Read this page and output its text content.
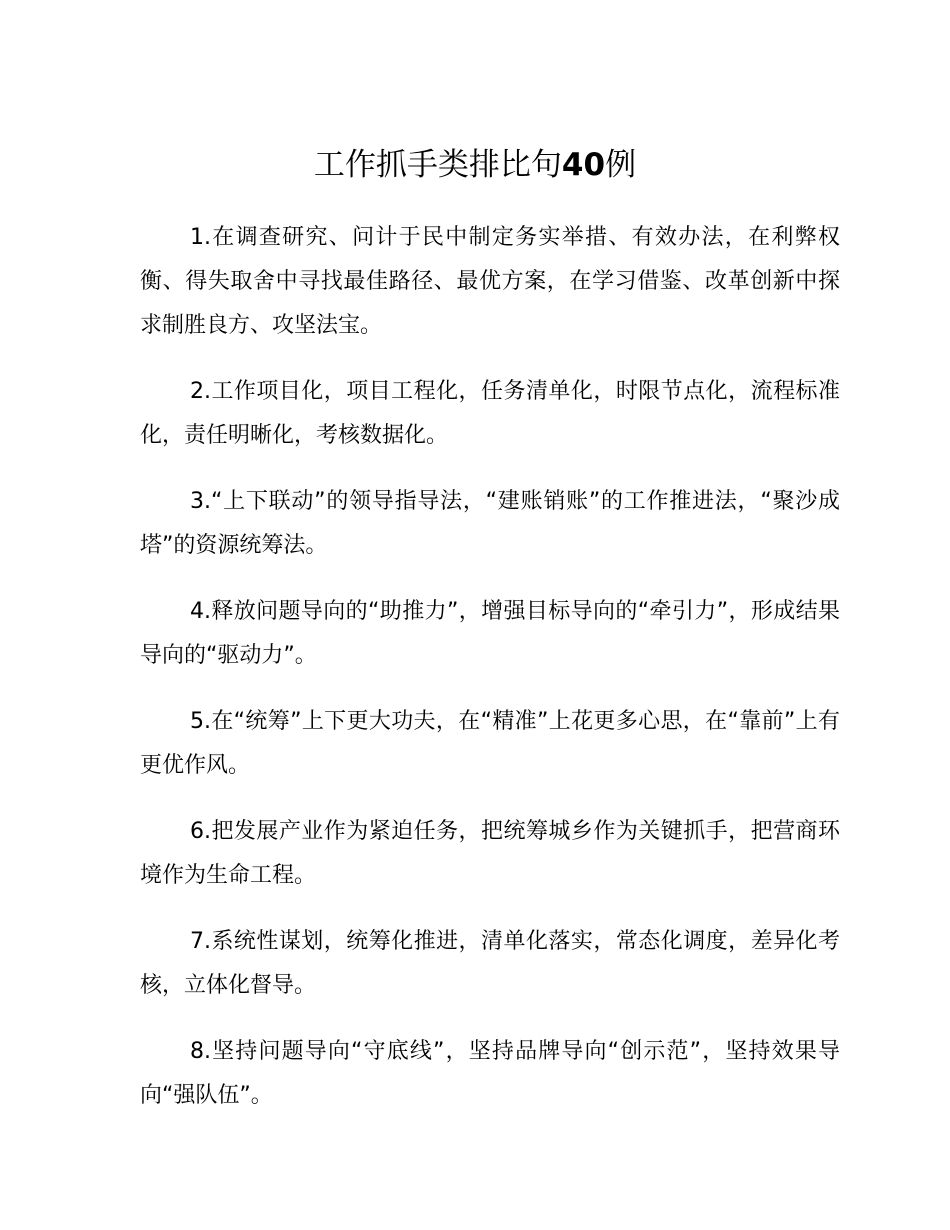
工作抓手类排比句40例

1.在调查研究、问计于民中制定务实举措、有效办法，在利弊权衡、得失取舍中寻找最佳路径、最优方案，在学习借鉴、改革创新中探求制胜良方、攻坚法宝。

2.工作项目化，项目工程化，任务清单化，时限节点化，流程标准化，责任明晰化，考核数据化。

3.“上下联动”的领导指导法，“建账销账”的工作推进法，“聚沙成塔”的资源统筹法。

4.释放问题导向的“助推力”，增强目标导向的“牵引力”，形成结果导向的“驱动力”。

5.在“统筹”上下更大功夫，在“精准”上花更多心思，在“靠前”上有更优作风。

6.把发展产业作为紧迫任务，把统筹城乡作为关键抓手，把营商环境作为生命工程。

7.系统性谋划，统筹化推进，清单化落实，常态化调度，差异化考核，立体化督导。

8.坚持问题导向“守底线”，坚持品牌导向“创示范”，坚持效果导向“强队伍”。
